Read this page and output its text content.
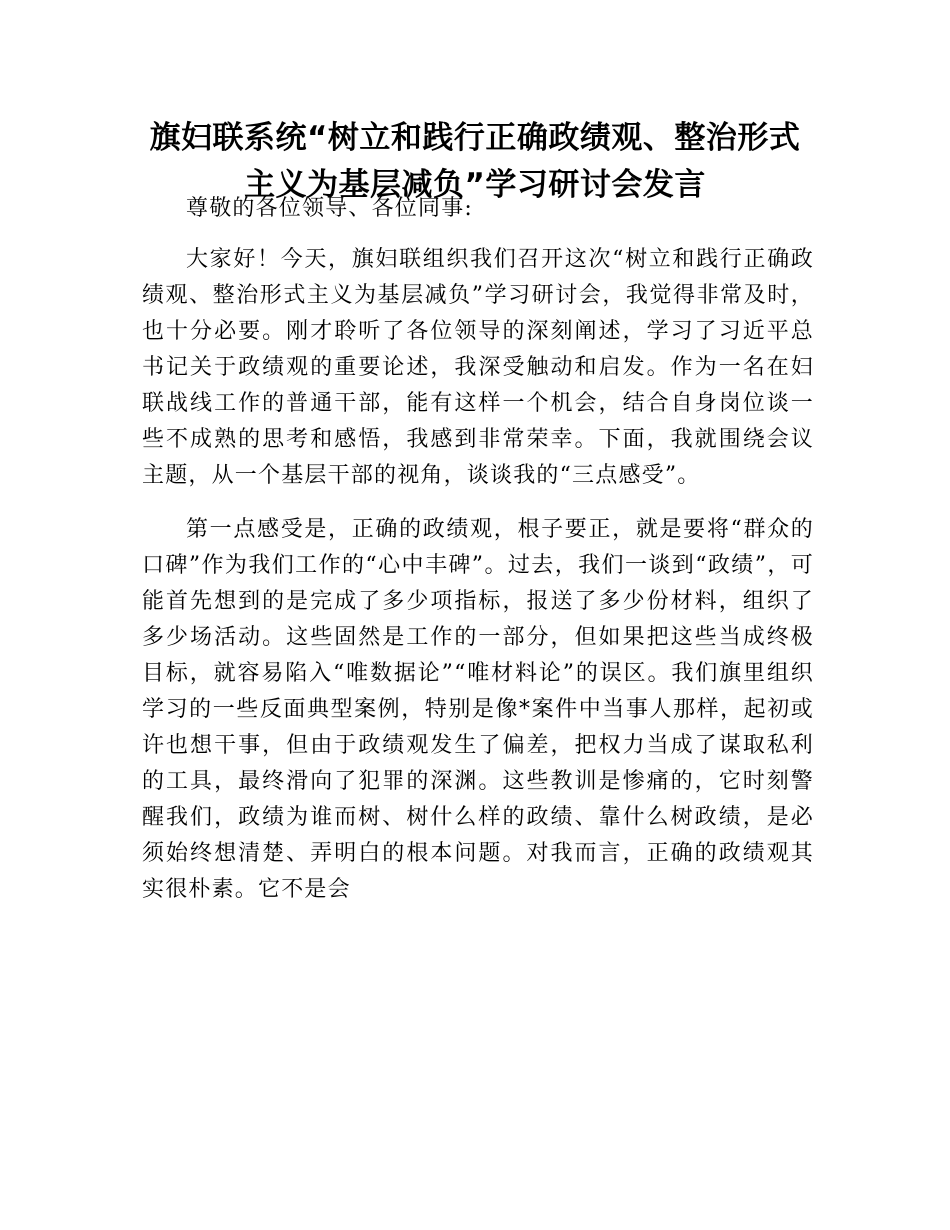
旗妇联系统“树立和践行正确政绩观、整治形式主义为基层减负”学习研讨会发言

尊敬的各位领导、各位同事:

大家好！今天，旗妇联组织我们召开这次“树立和践行正确政绩观、整治形式主义为基层减负”学习研讨会，我觉得非常及时，也十分必要。刚才聆听了各位领导的深刻阐述，学习了习近平总书记关于政绩观的重要论述，我深受触动和启发。作为一名在妇联战线工作的普通干部，能有这样一个机会，结合自身岗位谈一些不成熟的思考和感悟，我感到非常荣幸。下面，我就围绕会议主题，从一个基层干部的视角，谈谈我的“三点感受”。

第一点感受是，正确的政绩观，根子要正，就是要将“群众的口碑”作为我们工作的“心中丰碑”。过去，我们一谈到“政绩”，可能首先想到的是完成了多少项指标，报送了多少份材料，组织了多少场活动。这些固然是工作的一部分，但如果把这些当成终极目标，就容易陷入“唯数据论”“唯材料论”的误区。我们旗里组织学习的一些反面典型案例，特别是像*案件中当事人那样，起初或许也想干事，但由于政绩观发生了偏差，把权力当成了谋取私利的工具，最终滑向了犯罪的深渊。这些教训是惨痛的，它时刻警醒我们，政绩为谁而树、树什么样的政绩、靠什么树政绩，是必须始终想清楚、弄明白的根本问题。对我而言，正确的政绩观其实很朴素。它不是会
